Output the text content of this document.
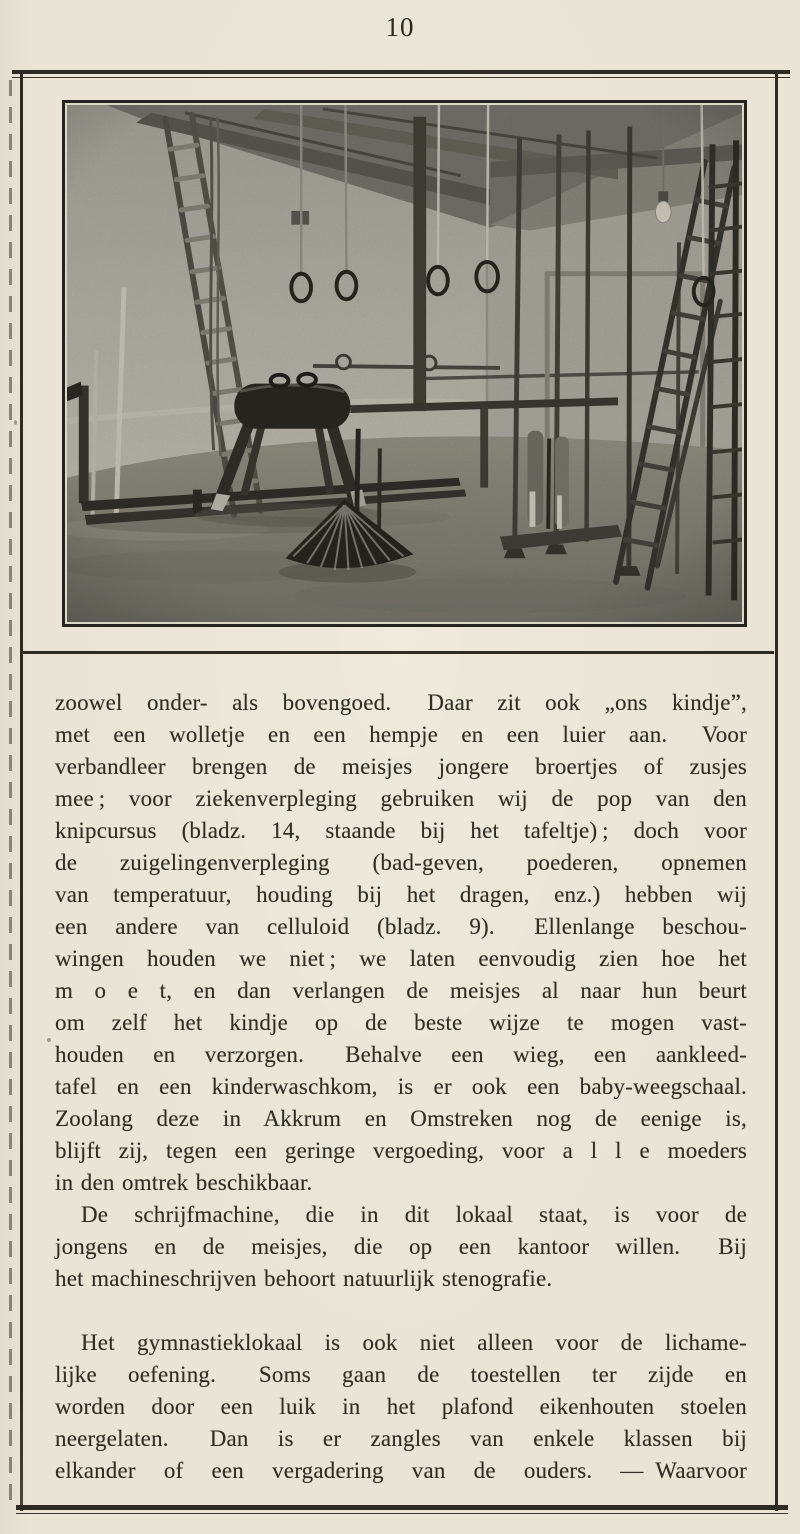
10
zoowel onder- als bovengoed.  Daar zit ook „ons kindje”,
met een wolletje en een hempje en een luier aan.  Voor
verbandleer brengen de meisjes jongere broertjes of zusjes
mee ; voor ziekenverpleging gebruiken wij de pop van den
knipcursus (bladz. 14, staande bij het tafeltje) ; doch voor
de zuigelingenverpleging (bad-geven, poederen, opnemen
van temperatuur, houding bij het dragen, enz.) hebben wij
een andere van celluloid (bladz. 9).  Ellenlange beschou-
wingen houden we niet ; we laten eenvoudig zien hoe het
m o e t, en dan verlangen de meisjes al naar hun beurt
om zelf het kindje op de beste wijze te mogen vast-
houden en verzorgen.  Behalve een wieg, een aankleed-
tafel en een kinderwaschkom, is er ook een baby-weegschaal.
Zoolang deze in Akkrum en Omstreken nog de eenige is,
blijft zij, tegen een geringe vergoeding, voor a l l e moeders
in den omtrek beschikbaar.
De schrijfmachine, die in dit lokaal staat, is voor de
jongens en de meisjes, die op een kantoor willen.  Bij
het machineschrijven behoort natuurlijk stenografie.
Het gymnastieklokaal is ook niet alleen voor de lichame-
lijke oefening.  Soms gaan de toestellen ter zijde en
worden door een luik in het plafond eikenhouten stoelen
neergelaten.  Dan is er zangles van enkele klassen bij
elkander of een vergadering van de ouders. — Waarvoor
